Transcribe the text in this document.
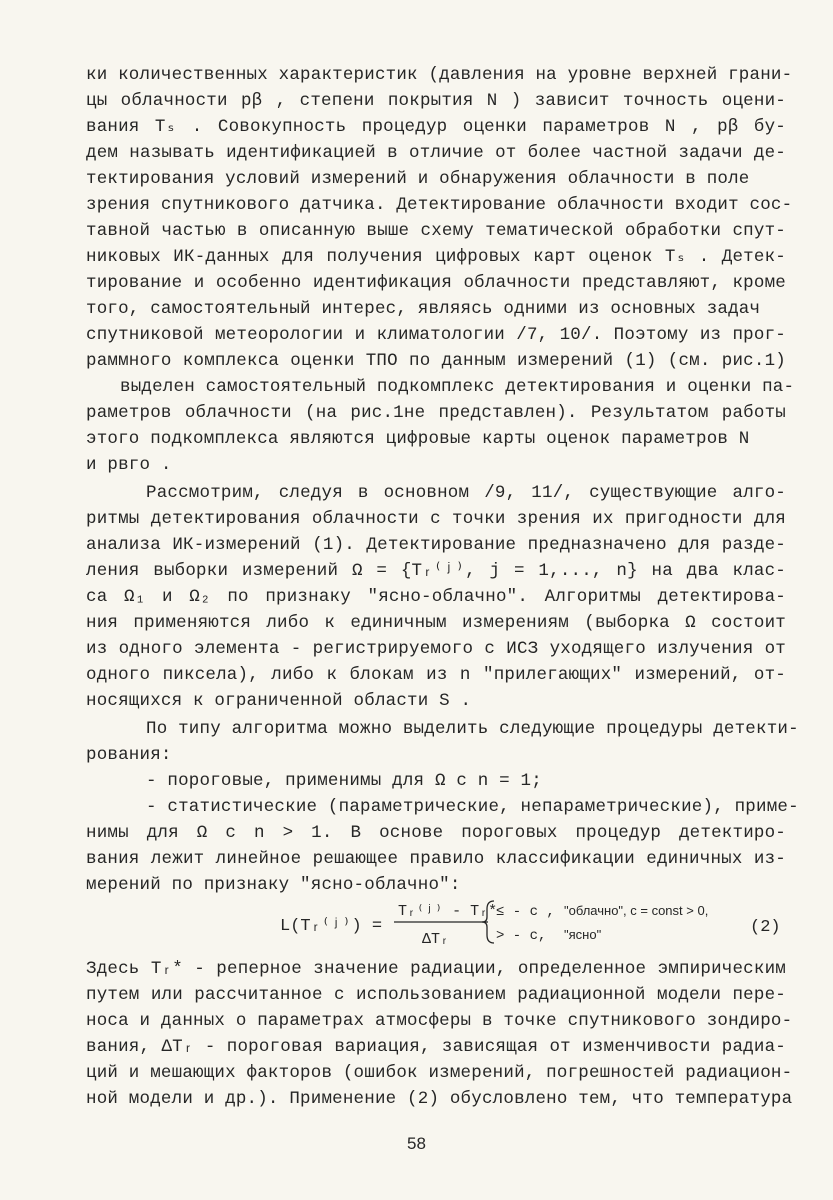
ки количественных характеристик (давления на уровне верхней грани-
цы облачности pβ , степени покрытия N ) зависит точность оцени-
вания Tₛ . Совокупность процедур оценки параметров N , pβ бу-
дем называть идентификацией в отличие от более частной задачи де-
тектирования условий измерений и обнаружения облачности в поле
зрения спутникового датчика. Детектирование облачности входит сос-
тавной частью в описанную выше схему тематической обработки спут-
никовых ИК-данных для получения цифровых карт оценок Tₛ . Детек-
тирование и особенно идентификация облачности представляют, кроме
того, самостоятельный интерес, являясь одними из основных задач
спутниковой метеорологии и климатологии /7, 10/. Поэтому из прог-
раммного комплекса оценки ТПО по данным измерений (1) (см. рис.1)
выделен самостоятельный подкомплекс детектирования и оценки па-
раметров облачности (на рис.1не представлен). Результатом работы
этого подкомплекса являются цифровые карты оценок параметров N
и pвго .
Рассмотрим, следуя в основном /9, 11/, существующие алго-
ритмы детектирования облачности с точки зрения их пригодности для
анализа ИК-измерений (1). Детектирование предназначено для разде-
ления выборки измерений Ω = {Tᵣ⁽ʲ⁾, j = 1,..., n} на два клас-
са Ω₁ и Ω₂ по признаку "ясно-облачно". Алгоритмы детектирова-
ния применяются либо к единичным измерениям (выборка Ω состоит
из одного элемента - регистрируемого с ИСЗ уходящего излучения от
одного пиксела), либо к блокам из n "прилегающих" измерений, от-
носящихся к ограниченной области S .
По типу алгоритма можно выделить следующие процедуры детекти-
рования:
- пороговые, применимы для Ω с n = 1;
- статистические (параметрические, непараметрические), приме-
нимы для Ω с n > 1. В основе пороговых процедур детектиро-
вания лежит линейное решающее правило классификации единичных из-
мерений по признаку "ясно-облачно":
L(Tᵣ⁽ʲ⁾) =
Tᵣ⁽ʲ⁾ - Tᵣ*
ΔTᵣ
≤ - c , "облачно", c = const > 0,
> - c, "ясно"	(2)
Здесь Tᵣ* - реперное значение радиации, определенное эмпирическим
путем или рассчитанное с использованием радиационной модели пере-
носа и данных о параметрах атмосферы в точке спутникового зондиро-
вания, ΔTᵣ - пороговая вариация, зависящая от изменчивости радиа-
ций и мешающих факторов (ошибок измерений, погрешностей радиацион-
ной модели и др.). Применение (2) обусловлено тем, что температура
58
